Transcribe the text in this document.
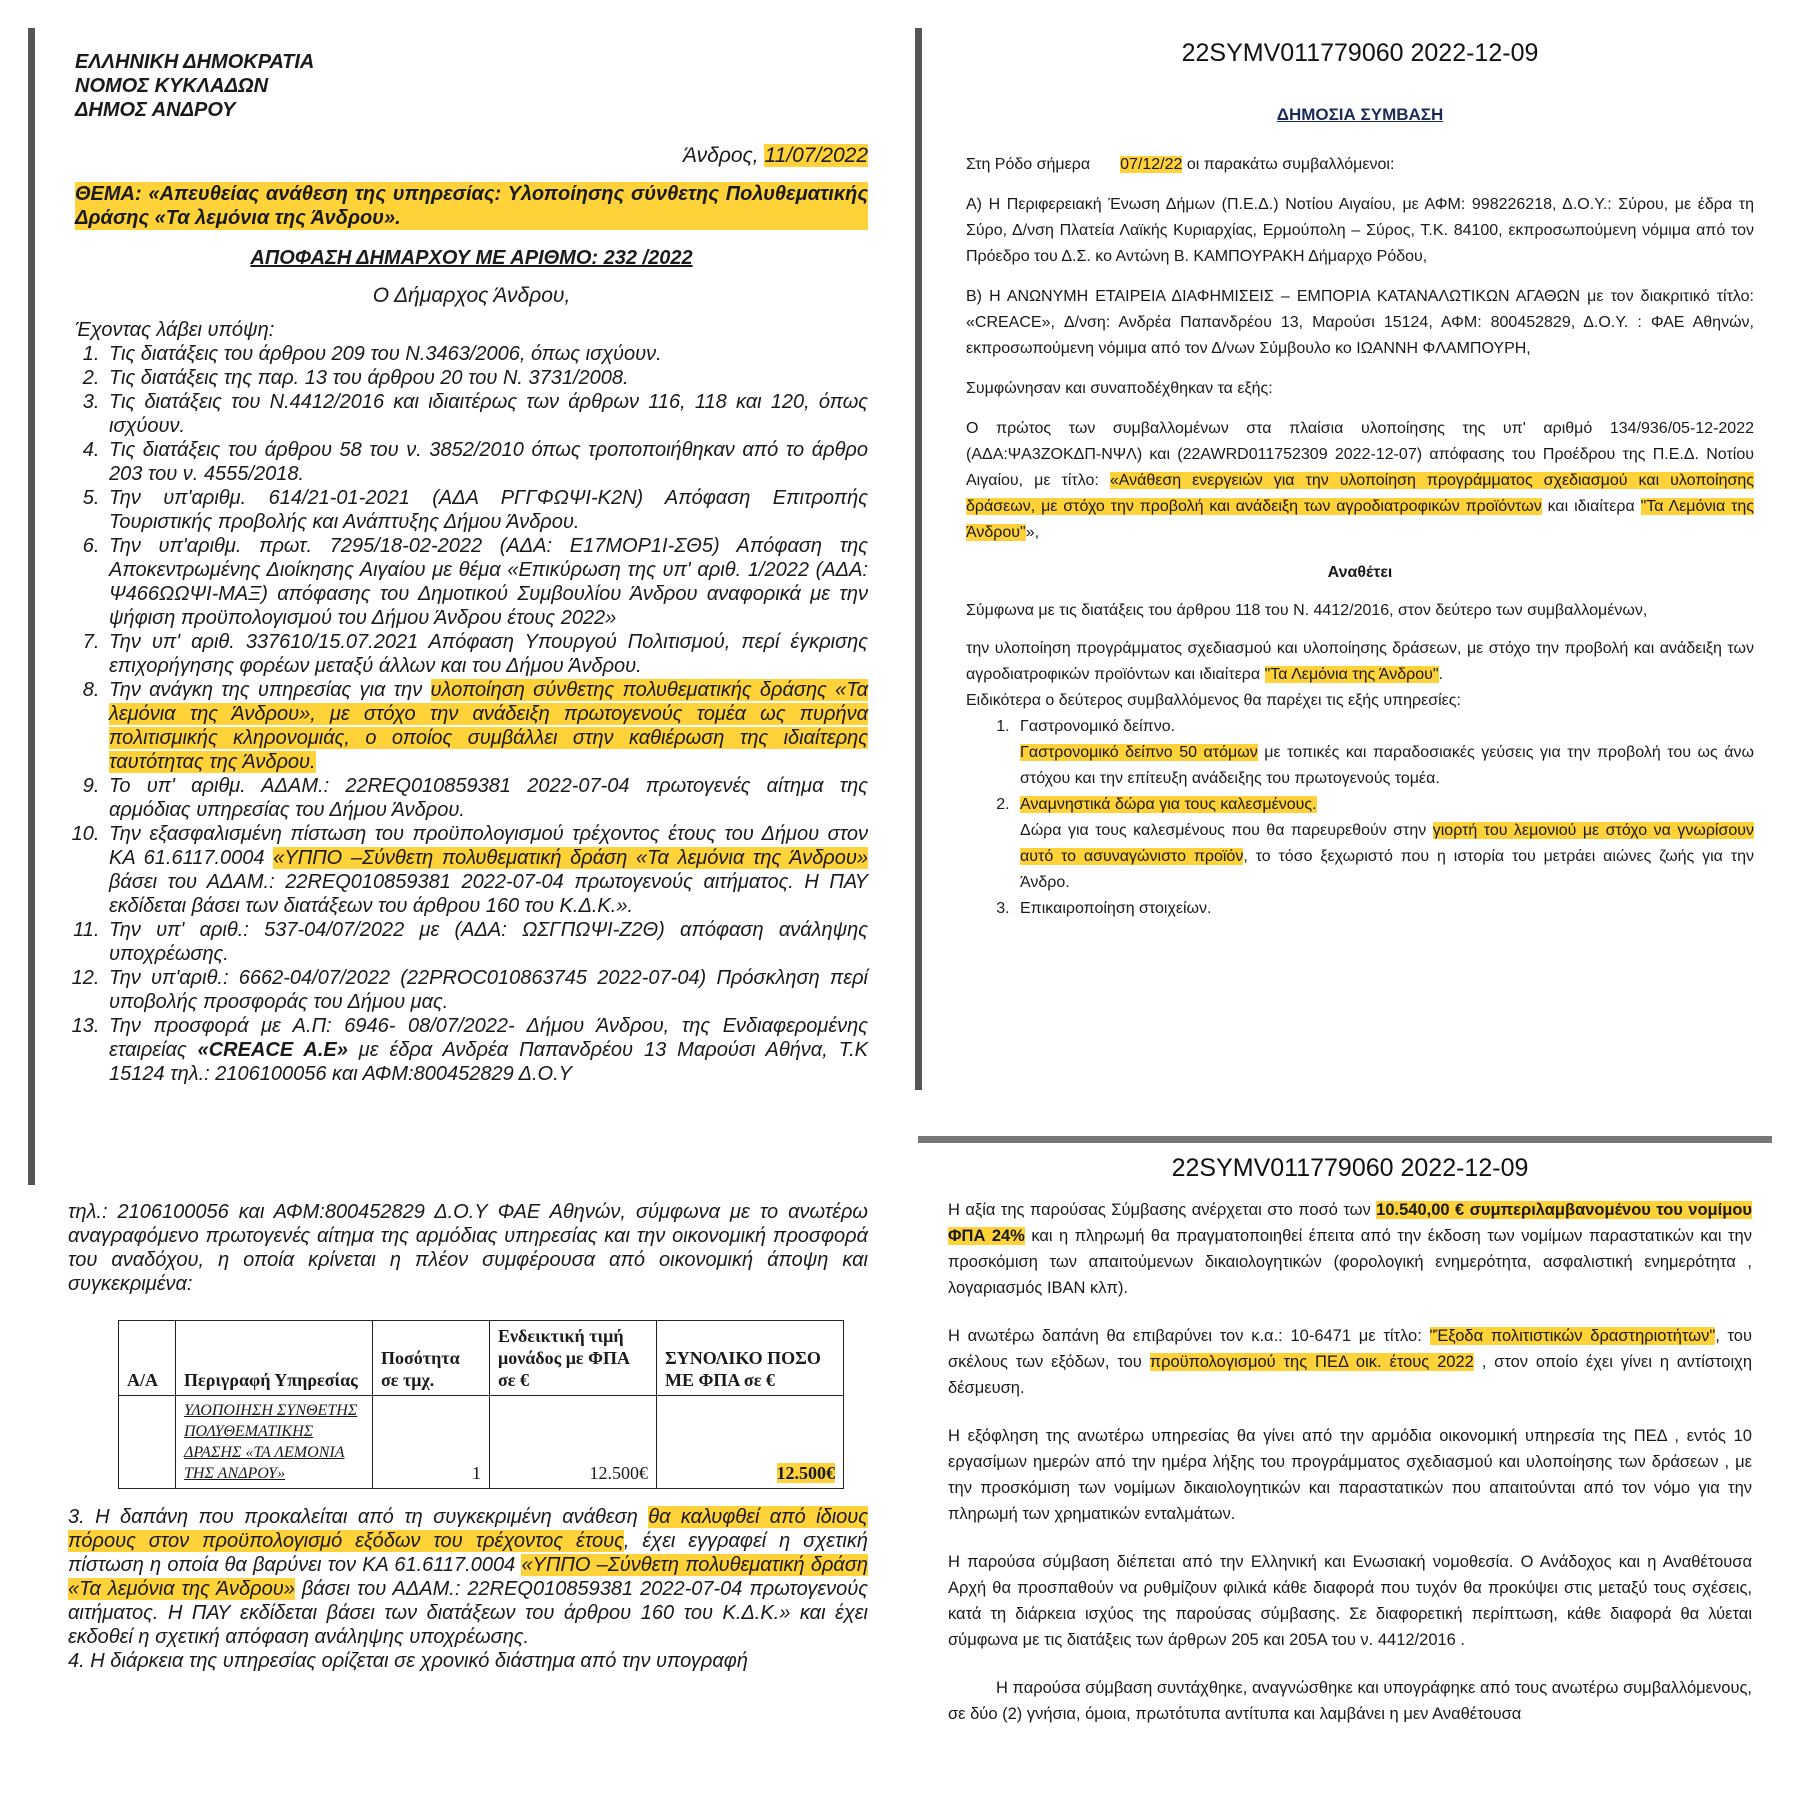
ΕΛΛΗΝΙΚΗ ΔΗΜΟΚΡΑΤΙΑ
ΝΟΜΟΣ ΚΥΚΛΑΔΩΝ
ΔΗΜΟΣ ΑΝΔΡΟΥ
Άνδρος, 11/07/2022

ΘΕΜΑ: «Απευθείας ανάθεση της υπηρεσίας: Υλοποίησης σύνθετης Πολυθεματικής Δράσης «Τα λεμόνια της Άνδρου».

ΑΠΟΦΑΣΗ ΔΗΜΑΡΧΟΥ ΜΕ ΑΡΙΘΜΟ: 232 /2022

Ο Δήμαρχος Άνδρου,

Έχοντας λάβει υπόψη:

1. Τις διατάξεις του άρθρου 209 του Ν.3463/2006, όπως ισχύουν.
2. Τις διατάξεις της παρ. 13 του άρθρου 20 του Ν. 3731/2008.
3. Τις διατάξεις του Ν.4412/2016 και ιδιαιτέρως των άρθρων 116, 118 και 120, όπως ισχύουν.
4. Τις διατάξεις του άρθρου 58 του ν. 3852/2010 όπως τροποποιήθηκαν από το άρθρο 203 του ν. 4555/2018.
5. Την υπ'αριθμ. 614/21-01-2021 (ΑΔΑ ΡΓΓΦΩΨΙ-Κ2Ν) Απόφαση Επιτροπής Τουριστικής προβολής και Ανάπτυξης Δήμου Άνδρου.
6. Την υπ'αριθμ. πρωτ. 7295/18-02-2022 (ΑΔΑ: Ε17ΜΟΡ1Ι-ΣΘ5) Απόφαση της Αποκεντρωμένης Διοίκησης Αιγαίου με θέμα «Επικύρωση της υπ' αριθ. 1/2022 (ΑΔΑ: Ψ466ΩΩΨΙ-ΜΑΞ) απόφασης του Δημοτικού Συμβουλίου Άνδρου αναφορικά με την ψήφιση προϋπολογισμού του Δήμου Άνδρου έτους 2022»
7. Την υπ' αριθ. 337610/15.07.2021 Απόφαση Υπουργού Πολιτισμού, περί έγκρισης επιχορήγησης φορέων μεταξύ άλλων και του Δήμου Άνδρου.
8. Την ανάγκη της υπηρεσίας για την υλοποίηση σύνθετης πολυθεματικής δράσης «Τα λεμόνια της Άνδρου», με στόχο την ανάδειξη πρωτογενούς τομέα ως πυρήνα πολιτισμικής κληρονομιάς, ο οποίος συμβάλλει στην καθιέρωση της ιδιαίτερης ταυτότητας της Άνδρου.
9. Το υπ' αριθμ. ΑΔΑΜ.: 22REQ010859381 2022-07-04 πρωτογενές αίτημα της αρμόδιας υπηρεσίας του Δήμου Άνδρου.
10. Την εξασφαλισμένη πίστωση του προϋπολογισμού τρέχοντος έτους του Δήμου στον ΚΑ 61.6117.0004 «ΥΠΠΟ –Σύνθετη πολυθεματική δράση «Τα λεμόνια της Άνδρου» βάσει του ΑΔΑΜ.: 22REQ010859381 2022-07-04 πρωτογενούς αιτήματος. Η ΠΑΥ εκδίδεται βάσει των διατάξεων του άρθρου 160 του Κ.Δ.Κ.».
11. Την υπ' αριθ.: 537-04/07/2022 με (ΑΔΑ: ΩΣΓΠΩΨΙ-Ζ2Θ) απόφαση ανάληψης υποχρέωσης.
12. Την υπ'αριθ.: 6662-04/07/2022 (22PROC010863745 2022-07-04) Πρόσκληση περί υποβολής προσφοράς του Δήμου μας.
13. Την προσφορά με Α.Π: 6946- 08/07/2022- Δήμου Άνδρου, της Ενδιαφερομένης εταιρείας «CREACE A.E» με έδρα Ανδρέα Παπανδρέου 13 Μαρούσι Αθήνα, Τ.Κ 15124 τηλ.: 2106100056 και ΑΦΜ:800452829 Δ.Ο.Υ

τηλ.: 2106100056 και ΑΦΜ:800452829 Δ.Ο.Υ ΦΑΕ Αθηνών, σύμφωνα με το ανωτέρω αναγραφόμενο πρωτογενές αίτημα της αρμόδιας υπηρεσίας και την οικονομική προσφορά του αναδόχου, η οποία κρίνεται η πλέον συμφέρουσα από οικονομική άποψη και συγκεκριμένα:

Α/Α	Περιγραφή Υπηρεσίας	Ποσότητα σε τμχ.	Ενδεικτική τιμή μονάδος με ΦΠΑ σε €	ΣΥΝΟΛΙΚΟ ΠΟΣΟ ΜΕ ΦΠΑ σε €
	ΥΛΟΠΟΙΗΣΗ ΣΥΝΘΕΤΗΣ ΠΟΛΥΘΕΜΑΤΙΚΗΣ ΔΡΑΣΗΣ «ΤΑ ΛΕΜΟΝΙΑ ΤΗΣ ΑΝΔΡΟΥ»	1	12.500€	12.500€

3. Η δαπάνη που προκαλείται από τη συγκεκριμένη ανάθεση θα καλυφθεί από ίδιους πόρους στον προϋπολογισμό εξόδων του τρέχοντος έτους, έχει εγγραφεί η σχετική πίστωση η οποία θα βαρύνει τον ΚΑ 61.6117.0004 «ΥΠΠΟ –Σύνθετη πολυθεματική δράση «Τα λεμόνια της Άνδρου» βάσει του ΑΔΑΜ.: 22REQ010859381 2022-07-04 πρωτογενούς αιτήματος. Η ΠΑΥ εκδίδεται βάσει των διατάξεων του άρθρου 160 του Κ.Δ.Κ.» και έχει εκδοθεί η σχετική απόφαση ανάληψης υποχρέωσης.

4. Η διάρκεια της υπηρεσίας ορίζεται σε χρονικό διάστημα από την υπογραφή

22SYMV011779060 2022-12-09

ΔΗΜΟΣΙΑ ΣΥΜΒΑΣΗ

Στη Ρόδο σήμερα 07/12/22 οι παρακάτω συμβαλλόμενοι:

Α) Η Περιφερειακή Ένωση Δήμων (Π.Ε.Δ.) Νοτίου Αιγαίου, με ΑΦΜ: 998226218, Δ.Ο.Υ.: Σύρου, με έδρα τη Σύρο, Δ/νση Πλατεία Λαϊκής Κυριαρχίας, Ερμούπολη – Σύρος, Τ.Κ. 84100, εκπροσωπούμενη νόμιμα από τον Πρόεδρο του Δ.Σ. κο Αντώνη Β. ΚΑΜΠΟΥΡΑΚΗ Δήμαρχο Ρόδου,

Β) Η ΑΝΩΝΥΜΗ ΕΤΑΙΡΕΙΑ ΔΙΑΦΗΜΙΣΕΙΣ – ΕΜΠΟΡΙΑ ΚΑΤΑΝΑΛΩΤΙΚΩΝ ΑΓΑΘΩΝ με τον διακριτικό τίτλο: «CREACE», Δ/νση: Ανδρέα Παπανδρέου 13, Μαρούσι 15124, ΑΦΜ: 800452829, Δ.Ο.Υ. : ΦΑΕ Αθηνών, εκπροσωπούμενη νόμιμα από τον Δ/νων Σύμβουλο κο ΙΩΑΝΝΗ ΦΛΑΜΠΟΥΡΗ,

Συμφώνησαν και συναποδέχθηκαν τα εξής:

Ο πρώτος των συμβαλλομένων στα πλαίσια υλοποίησης της υπ' αριθμό 134/936/05-12-2022 (ΑΔΑ:ΨΑ3ΖΟΚΔΠ-ΝΨΛ) και (22AWRD011752309 2022-12-07) απόφασης του Προέδρου της Π.Ε.Δ. Νοτίου Αιγαίου, με τίτλο: «Ανάθεση ενεργειών για την υλοποίηση προγράμματος σχεδιασμού και υλοποίησης δράσεων, με στόχο την προβολή και ανάδειξη των αγροδιατροφικών προϊόντων και ιδιαίτερα "Τα Λεμόνια της Άνδρου"»,

Αναθέτει

Σύμφωνα με τις διατάξεις του άρθρου 118 του Ν. 4412/2016, στον δεύτερο των συμβαλλομένων,

την υλοποίηση προγράμματος σχεδιασμού και υλοποίησης δράσεων, με στόχο την προβολή και ανάδειξη των αγροδιατροφικών προϊόντων και ιδιαίτερα "Τα Λεμόνια της Άνδρου".

Ειδικότερα ο δεύτερος συμβαλλόμενος θα παρέχει τις εξής υπηρεσίες:

1. Γαστρονομικό δείπνο.
Γαστρονομικό δείπνο 50 ατόμων με τοπικές και παραδοσιακές γεύσεις για την προβολή του ως άνω στόχου και την επίτευξη ανάδειξης του πρωτογενούς τομέα.
2. Αναμνηστικά δώρα για τους καλεσμένους.
Δώρα για τους καλεσμένους που θα παρευρεθούν στην γιορτή του λεμονιού με στόχο να γνωρίσουν αυτό το ασυναγώνιστο προϊόν, το τόσο ξεχωριστό που η ιστορία του μετράει αιώνες ζωής για την Άνδρο.
3. Επικαιροποίηση στοιχείων.
22SYMV011779060 2022-12-09

Η αξία της παρούσας Σύμβασης ανέρχεται στο ποσό των 10.540,00 € συμπεριλαμβανομένου του νομίμου ΦΠΑ 24% και η πληρωμή θα πραγματοποιηθεί έπειτα από την έκδοση των νομίμων παραστατικών και την προσκόμιση των απαιτούμενων δικαιολογητικών (φορολογική ενημερότητα, ασφαλιστική ενημερότητα , λογαριασμός IBAN κλπ).

Η ανωτέρω δαπάνη θα επιβαρύνει τον κ.α.: 10-6471 με τίτλο: "Έξοδα πολιτιστικών δραστηριοτήτων", του σκέλους των εξόδων, του προϋπολογισμού της ΠΕΔ οικ. έτους 2022 , στον οποίο έχει γίνει η αντίστοιχη δέσμευση.

Η εξόφληση της ανωτέρω υπηρεσίας θα γίνει από την αρμόδια οικονομική υπηρεσία της ΠΕΔ , εντός 10 εργασίμων ημερών από την ημέρα λήξης του προγράμματος σχεδιασμού και υλοποίησης των δράσεων , με την προσκόμιση των νομίμων δικαιολογητικών και παραστατικών που απαιτούνται από τον νόμο για την πληρωμή των χρηματικών ενταλμάτων.

Η παρούσα σύμβαση διέπεται από την Ελληνική και Ενωσιακή νομοθεσία. Ο Ανάδοχος και η Αναθέτουσα Αρχή θα προσπαθούν να ρυθμίζουν φιλικά κάθε διαφορά που τυχόν θα προκύψει στις μεταξύ τους σχέσεις, κατά τη διάρκεια ισχύος της παρούσας σύμβασης. Σε διαφορετική περίπτωση, κάθε διαφορά θα λύεται σύμφωνα με τις διατάξεις των άρθρων 205 και 205Α του ν. 4412/2016 .

Η παρούσα σύμβαση συντάχθηκε, αναγνώσθηκε και υπογράφηκε από τους ανωτέρω συμβαλλόμενους, σε δύο (2) γνήσια, όμοια, πρωτότυπα αντίτυπα και λαμβάνει η μεν Αναθέτουσα
